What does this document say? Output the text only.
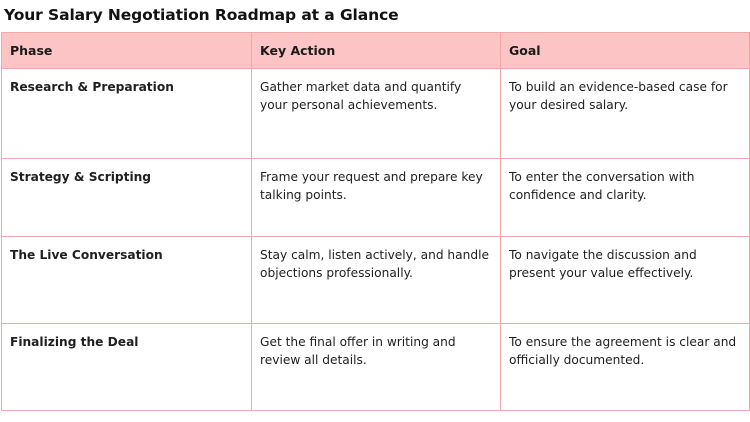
Your Salary Negotiation Roadmap at a Glance
Phase	Key Action	Goal
Research & Preparation	Gather market data and quantify your personal achievements.	To build an evidence-based case for your desired salary.
Strategy & Scripting	Frame your request and prepare key talking points.	To enter the conversation with confidence and clarity.
The Live Conversation	Stay calm, listen actively, and handle objections professionally.	To navigate the discussion and present your value effectively.
Finalizing the Deal	Get the final offer in writing and review all details.	To ensure the agreement is clear and officially documented.
